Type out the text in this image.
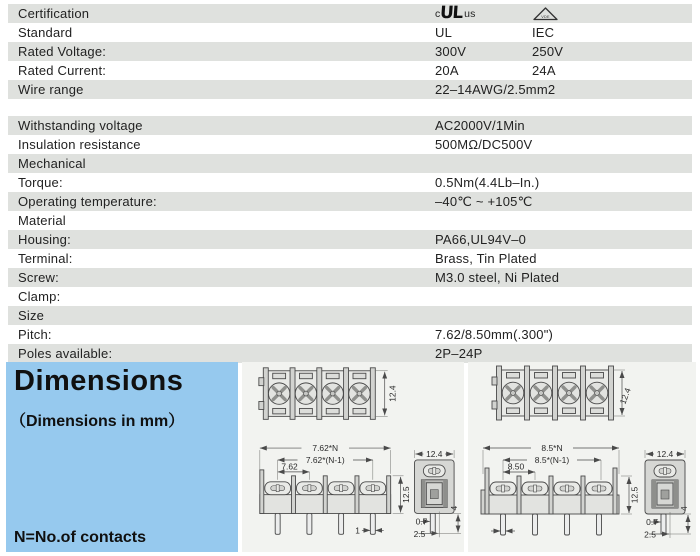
Certification	c UL us	VDE
Standard	UL	IEC
Rated Voltage:	300V	250V
Rated Current:	20A	24A
Wire range	22–14AWG/2.5mm2
Withstanding voltage	AC2000V/1Min
Insulation resistance	500MΩ/DC500V
Mechanical
Torque:	0.5Nm(4.4Lb–In.)
Operating temperature:	–40℃ ~ +105℃
Material
Housing:	PA66,UL94V–0
Terminal:	Brass, Tin Plated
Screw:	M3.0 steel, Ni Plated
Clamp:
Size
Pitch:	7.62/8.50mm(.300")
Poles available:	2P–24P
Dimensions
（Dimensions in mm）
N=No.of contacts
12.4
7.62*N
7.62*(N-1)
7.62
12.5
1
12.4
0.7
2.5
4
12.4
8.5*N
8.5*(N-1)
8.50
12.5
12.4
0.7
2.5
4
